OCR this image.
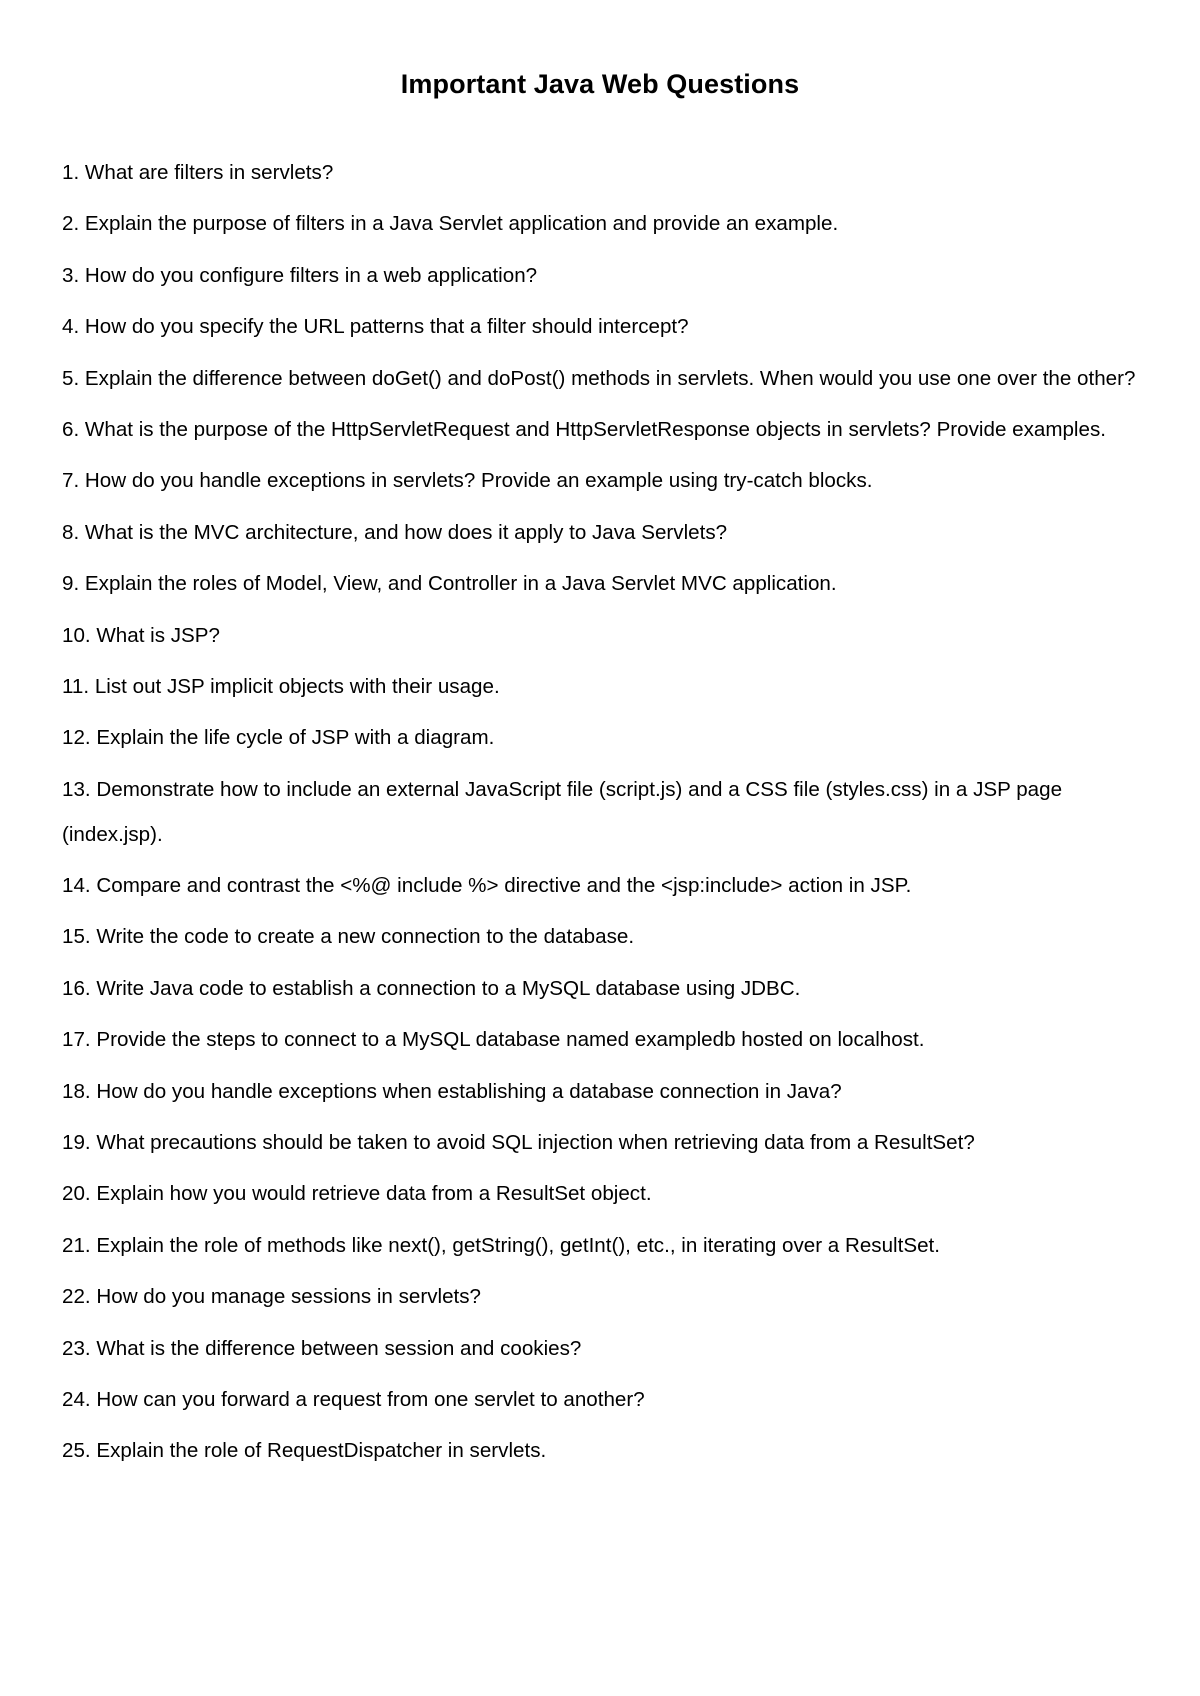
Important Java Web Questions
1. What are filters in servlets?
2. Explain the purpose of filters in a Java Servlet application and provide an example.
3. How do you configure filters in a web application?
4. How do you specify the URL patterns that a filter should intercept?
5. Explain the difference between doGet() and doPost() methods in servlets. When would you use one over the other?
6. What is the purpose of the HttpServletRequest and HttpServletResponse objects in servlets? Provide examples.
7. How do you handle exceptions in servlets? Provide an example using try-catch blocks.
8. What is the MVC architecture, and how does it apply to Java Servlets?
9. Explain the roles of Model, View, and Controller in a Java Servlet MVC application.
10. What is JSP?
11. List out JSP implicit objects with their usage.
12. Explain the life cycle of JSP with a diagram.
13. Demonstrate how to include an external JavaScript file (script.js) and a CSS file (styles.css) in a JSP page (index.jsp).
14. Compare and contrast the <%@ include %> directive and the <jsp:include> action in JSP.
15. Write the code to create a new connection to the database.
16. Write Java code to establish a connection to a MySQL database using JDBC.
17. Provide the steps to connect to a MySQL database named exampledb hosted on localhost.
18. How do you handle exceptions when establishing a database connection in Java?
19. What precautions should be taken to avoid SQL injection when retrieving data from a ResultSet?
20. Explain how you would retrieve data from a ResultSet object.
21. Explain the role of methods like next(), getString(), getInt(), etc., in iterating over a ResultSet.
22. How do you manage sessions in servlets?
23. What is the difference between session and cookies?
24. How can you forward a request from one servlet to another?
25. Explain the role of RequestDispatcher in servlets.
